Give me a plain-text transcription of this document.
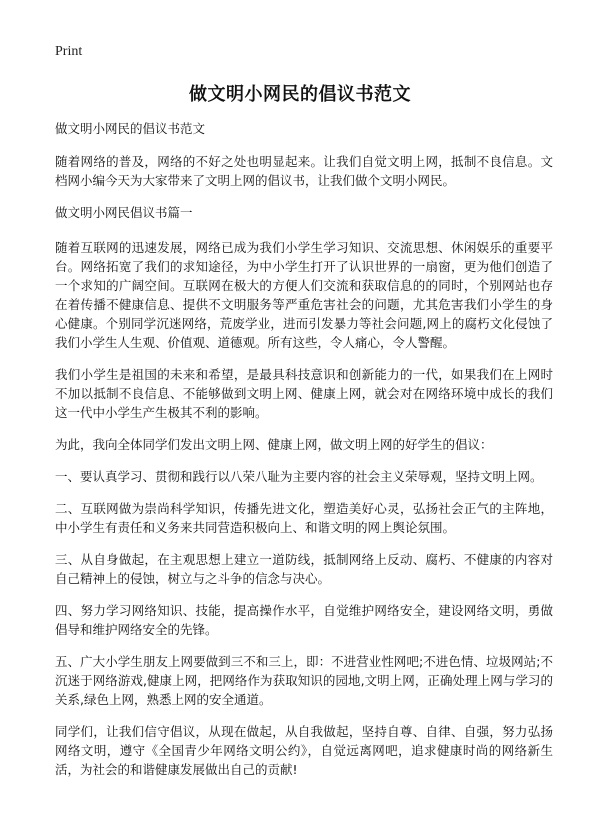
Print
做文明小网民的倡议书范文

做文明小网民的倡议书范文

随着网络的普及，网络的不好之处也明显起来。让我们自觉文明上网，抵制不良信息。文档网小编今天为大家带来了文明上网的倡议书，让我们做个文明小网民。

做文明小网民倡议书篇一

随着互联网的迅速发展，网络已成为我们小学生学习知识、交流思想、休闲娱乐的重要平台。网络拓宽了我们的求知途径，为中小学生打开了认识世界的一扇窗，更为他们创造了一个求知的广阔空间。互联网在极大的方便人们交流和获取信息的的同时，个别网站也存在着传播不健康信息、提供不文明服务等严重危害社会的问题，尤其危害我们小学生的身心健康。个别同学沉迷网络，荒废学业，进而引发暴力等社会问题,网上的腐朽文化侵蚀了我们小学生人生观、价值观、道德观。所有这些，令人痛心，令人警醒。

我们小学生是祖国的未来和希望，是最具科技意识和创新能力的一代，如果我们在上网时不加以抵制不良信息、不能够做到文明上网、健康上网，就会对在网络环境中成长的我们这一代中小学生产生极其不利的影响。

为此，我向全体同学们发出文明上网、健康上网，做文明上网的好学生的倡议：

一、要认真学习、贯彻和践行以八荣八耻为主要内容的社会主义荣辱观，坚持文明上网。

二、互联网做为崇尚科学知识，传播先进文化，塑造美好心灵，弘扬社会正气的主阵地，中小学生有责任和义务来共同营造积极向上、和谐文明的网上舆论氛围。

三、从自身做起，在主观思想上建立一道防线，抵制网络上反动、腐朽、不健康的内容对自己精神上的侵蚀，树立与之斗争的信念与决心。

四、努力学习网络知识、技能，提高操作水平，自觉维护网络安全，建设网络文明，勇做倡导和维护网络安全的先锋。

五、广大小学生朋友上网要做到三不和三上，即：不进营业性网吧;不进色情、垃圾网站;不沉迷于网络游戏,健康上网，把网络作为获取知识的园地,文明上网，正确处理上网与学习的关系,绿色上网，熟悉上网的安全通道。

同学们，让我们信守倡议，从现在做起，从自我做起，坚持自尊、自律、自强，努力弘扬网络文明，遵守《全国青少年网络文明公约》，自觉远离网吧，追求健康时尚的网络新生活，为社会的和谐健康发展做出自己的贡献!
